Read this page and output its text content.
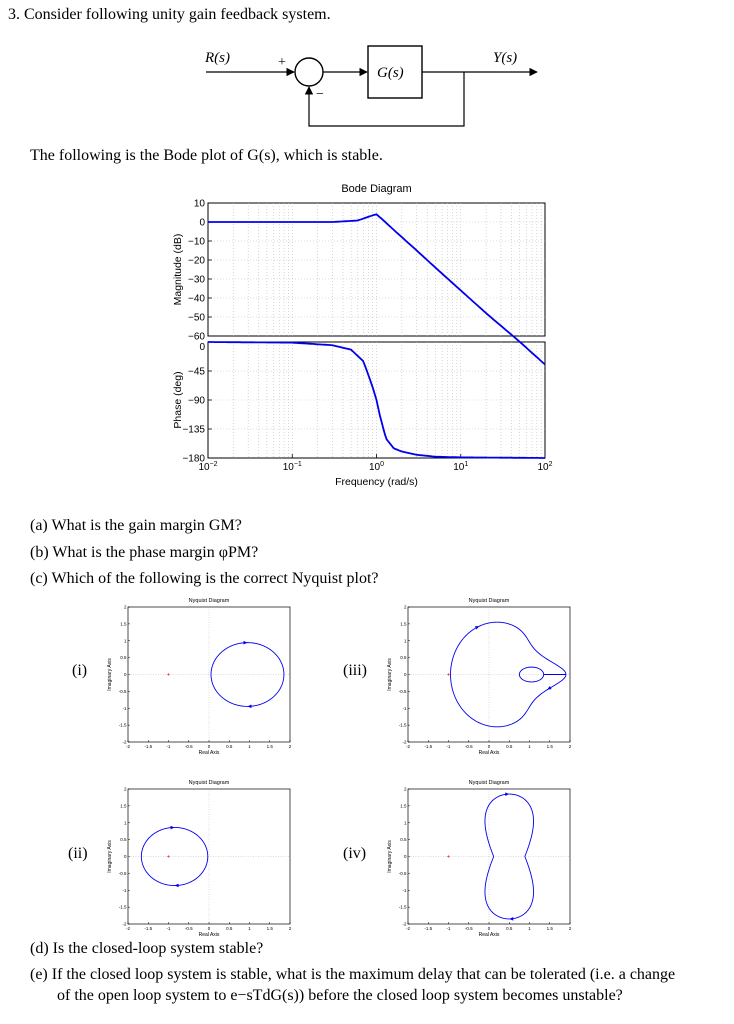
3. Consider following unity gain feedback system.
R(s)	+
G(s)
Y(s)
−
The following is the Bode plot of G(s), which is stable.
Bode Diagram
10
0
−10
−20
−30
−40
−50
−60
0
−45
−90
−135
−180
$10^{-2}$	$10^{-1}$	$10^0$	$10^1$	$10^2$
Frequency (rad/s)
Magnitude (dB)
Phase (deg)
(a) What is the gain margin GM?
(b) What is the phase margin φPM?
(c) Which of the following is the correct Nyquist plot?
(i)	(iii)
(ii)	(iv)
Nyquist Diagram
-2	-1.5	-1	-0.5	0	0.5	1	1.5	2
2
1.5
1
0.5
0
-0.5
-1
-1.5
-2
Real Axis
Imaginary Axis	+
Nyquist Diagram
-2	-1.5	-1	-0.5	0	0.5	1	1.5	2
2
1.5
1
0.5
0
-0.5
-1
-1.5
-2
Real Axis
Imaginary Axis	+
Nyquist Diagram
-2	-1.5	-1	-0.5	0	0.5	1	1.5	2
2
1.5
1
0.5
0
-0.5
-1
-1.5
-2
Real Axis
Imaginary Axis	+
Nyquist Diagram
-2	-1.5	-1	-0.5	0	0.5	1	1.5	2
2
1.5
1
0.5
0
-0.5
-1
-1.5
-2
Real Axis
Imaginary Axis	+
(d) Is the closed-loop system stable?
(e) If the closed loop system is stable, what is the maximum delay that can be tolerated (i.e. a change
of the open loop system to e−sTdG(s)) before the closed loop system becomes unstable?
